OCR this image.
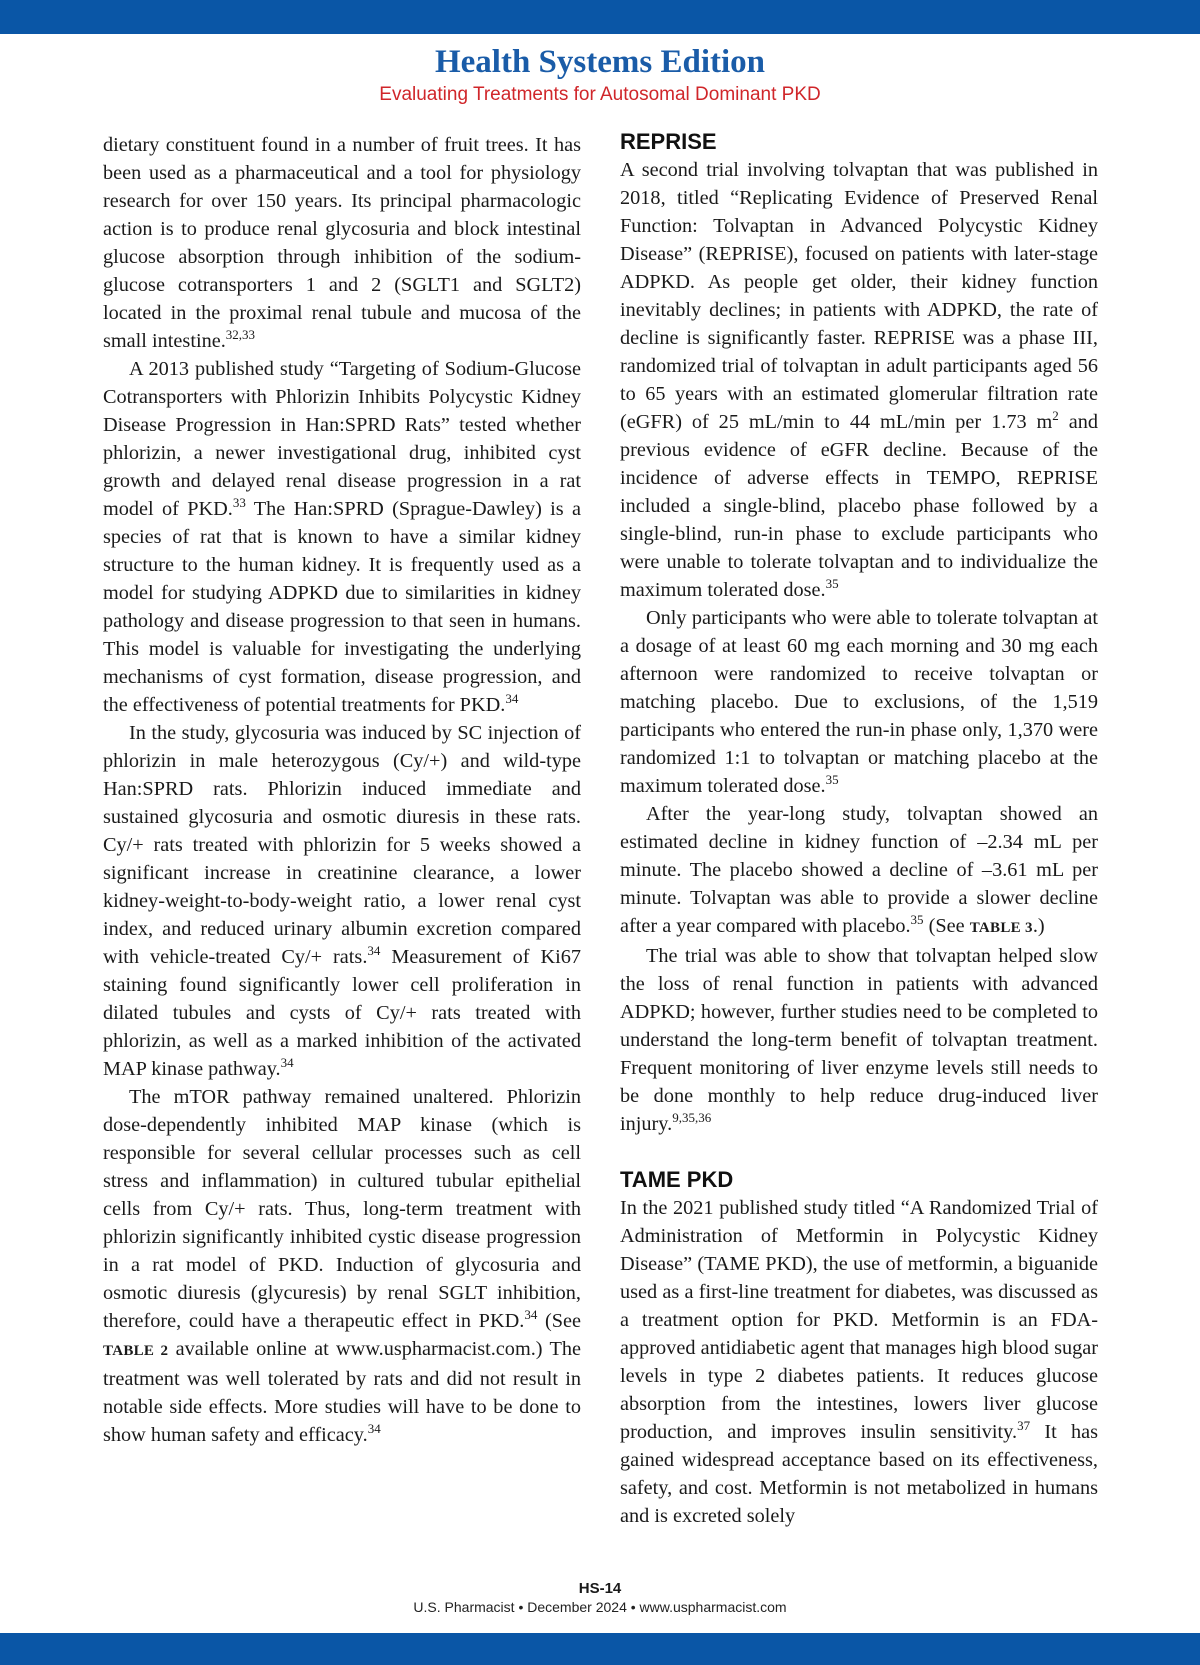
Health Systems Edition
Evaluating Treatments for Autosomal Dominant PKD

dietary constituent found in a number of fruit trees. It has been used as a pharmaceutical and a tool for physiology research for over 150 years. Its principal pharmacologic action is to produce renal glycosuria and block intestinal glucose absorption through inhibition of the sodium-glucose cotransporters 1 and 2 (SGLT1 and SGLT2) located in the proximal renal tubule and mucosa of the small intestine.$^{32,33}$

A 2013 published study “Targeting of Sodium-Glucose Cotransporters with Phlorizin Inhibits Polycystic Kidney Disease Progression in Han:SPRD Rats” tested whether phlorizin, a newer investigational drug, inhibited cyst growth and delayed renal disease progression in a rat model of PKD.$^{33}$ The Han:SPRD (Sprague-Dawley) is a species of rat that is known to have a similar kidney structure to the human kidney. It is frequently used as a model for studying ADPKD due to similarities in kidney pathology and disease progression to that seen in humans. This model is valuable for investigating the underlying mechanisms of cyst formation, disease progression, and the effectiveness of potential treatments for PKD.$^{34}$

In the study, glycosuria was induced by SC injection of phlorizin in male heterozygous (Cy/+) and wild-type Han:SPRD rats. Phlorizin induced immediate and sustained glycosuria and osmotic diuresis in these rats. Cy/+ rats treated with phlorizin for 5 weeks showed a significant increase in creatinine clearance, a lower kidney-weight-to-body-weight ratio, a lower renal cyst index, and reduced urinary albumin excretion compared with vehicle-treated Cy/+ rats.$^{34}$ Measurement of Ki67 staining found significantly lower cell proliferation in dilated tubules and cysts of Cy/+ rats treated with phlorizin, as well as a marked inhibition of the activated MAP kinase pathway.$^{34}$

The mTOR pathway remained unaltered. Phlorizin dose-dependently inhibited MAP kinase (which is responsible for several cellular processes such as cell stress and inflammation) in cultured tubular epithelial cells from Cy/+ rats. Thus, long-term treatment with phlorizin significantly inhibited cystic disease progression in a rat model of PKD. Induction of glycosuria and osmotic diuresis (glycuresis) by renal SGLT inhibition, therefore, could have a therapeutic effect in PKD.$^{34}$ (See TABLE 2 available online at www.uspharmacist.com.) The treatment was well tolerated by rats and did not result in notable side effects. More studies will have to be done to show human safety and efficacy.$^{34}$

REPRISE

A second trial involving tolvaptan that was published in 2018, titled “Replicating Evidence of Preserved Renal Function: Tolvaptan in Advanced Polycystic Kidney Disease” (REPRISE), focused on patients with later-stage ADPKD. As people get older, their kidney function inevitably declines; in patients with ADPKD, the rate of decline is significantly faster. REPRISE was a phase III, randomized trial of tolvaptan in adult participants aged 56 to 65 years with an estimated glomerular filtration rate (eGFR) of 25 mL/min to 44 mL/min per 1.73 $m^2$ and previous evidence of eGFR decline. Because of the incidence of adverse effects in TEMPO, REPRISE included a single-blind, placebo phase followed by a single-blind, run-in phase to exclude participants who were unable to tolerate tolvaptan and to individualize the maximum tolerated dose.$^{35}$

Only participants who were able to tolerate tolvaptan at a dosage of at least 60 mg each morning and 30 mg each afternoon were randomized to receive tolvaptan or matching placebo. Due to exclusions, of the 1,519 participants who entered the run-in phase only, 1,370 were randomized 1:1 to tolvaptan or matching placebo at the maximum tolerated dose.$^{35}$

After the year-long study, tolvaptan showed an estimated decline in kidney function of –2.34 mL per minute. The placebo showed a decline of –3.61 mL per minute. Tolvaptan was able to provide a slower decline after a year compared with placebo.$^{35}$ (See TABLE 3.)

The trial was able to show that tolvaptan helped slow the loss of renal function in patients with advanced ADPKD; however, further studies need to be completed to understand the long-term benefit of tolvaptan treatment. Frequent monitoring of liver enzyme levels still needs to be done monthly to help reduce drug-induced liver injury.$^{9,35,36}$

TAME PKD

In the 2021 published study titled “A Randomized Trial of Administration of Metformin in Polycystic Kidney Disease” (TAME PKD), the use of metformin, a biguanide used as a first-line treatment for diabetes, was discussed as a treatment option for PKD. Metformin is an FDA-approved antidiabetic agent that manages high blood sugar levels in type 2 diabetes patients. It reduces glucose absorption from the intestines, lowers liver glucose production, and improves insulin sensitivity.$^{37}$ It has gained widespread acceptance based on its effectiveness, safety, and cost. Metformin is not metabolized in humans and is excreted solely

HS-14
U.S. Pharmacist • December 2024 • www.uspharmacist.com
